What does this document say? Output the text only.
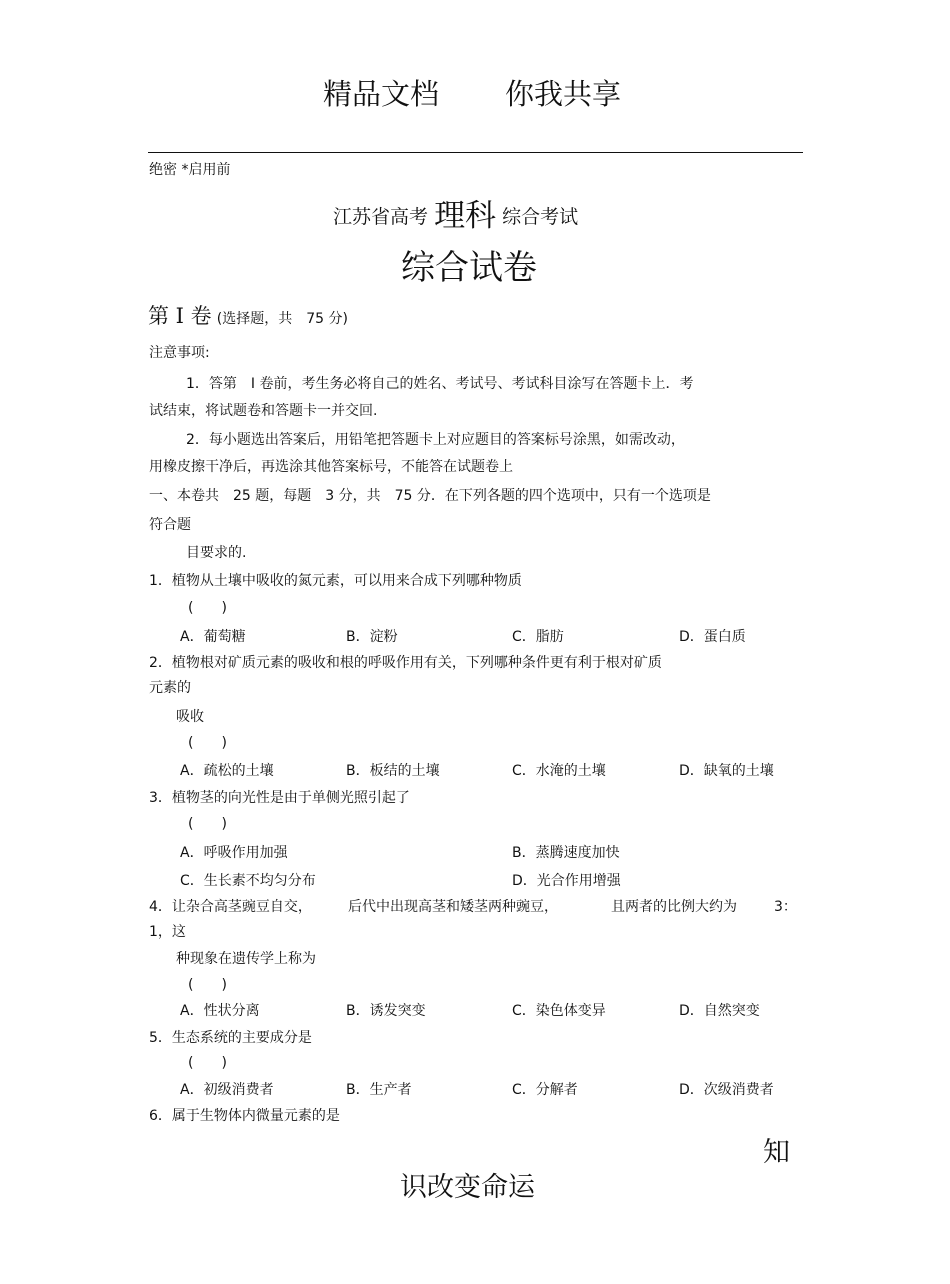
精品文档 你我共享
绝密 *启用前
江苏省高考 理科 综合考试
综合试卷
第 I 卷 (选择题，共　75 分)
注意事项:
1．答第　I 卷前，考生务必将自己的姓名、考试号、考试科目涂写在答题卡上．考
试结束，将试题卷和答题卡一并交回.
2．每小题选出答案后，用铅笔把答题卡上对应题目的答案标号涂黑，如需改动，
用橡皮擦干净后，再选涂其他答案标号，不能答在试题卷上
一、本卷共　25 题，每题　3 分，共　75 分．在下列各题的四个选项中，只有一个选项是
符合题
目要求的.
1．植物从土壤中吸收的氮元素，可以用来合成下列哪种物质
(　　)
A．葡萄糖	B．淀粉	C．脂肪	D．蛋白质
2．植物根对矿质元素的吸收和根的呼吸作用有关，下列哪种条件更有利于根对矿质
元素的
吸收
(　　)
A．疏松的土壤	B．板结的土壤	C．水淹的土壤	D．缺氧的土壤
3．植物茎的向光性是由于单侧光照引起了
(　　)
A．呼吸作用加强	B．蒸腾速度加快
C．生长素不均匀分布	D．光合作用增强
4．让杂合高茎豌豆自交，	后代中出现高茎和矮茎两种豌豆，	且两者的比例大约为	3：
1，这
种现象在遗传学上称为
(　　)
A．性状分离	B．诱发突变	C．染色体变异	D．自然突变
5．生态系统的主要成分是
(　　)
A．初级消费者	B．生产者	C．分解者	D．次级消费者
6．属于生物体内微量元素的是
知
识改变命运
